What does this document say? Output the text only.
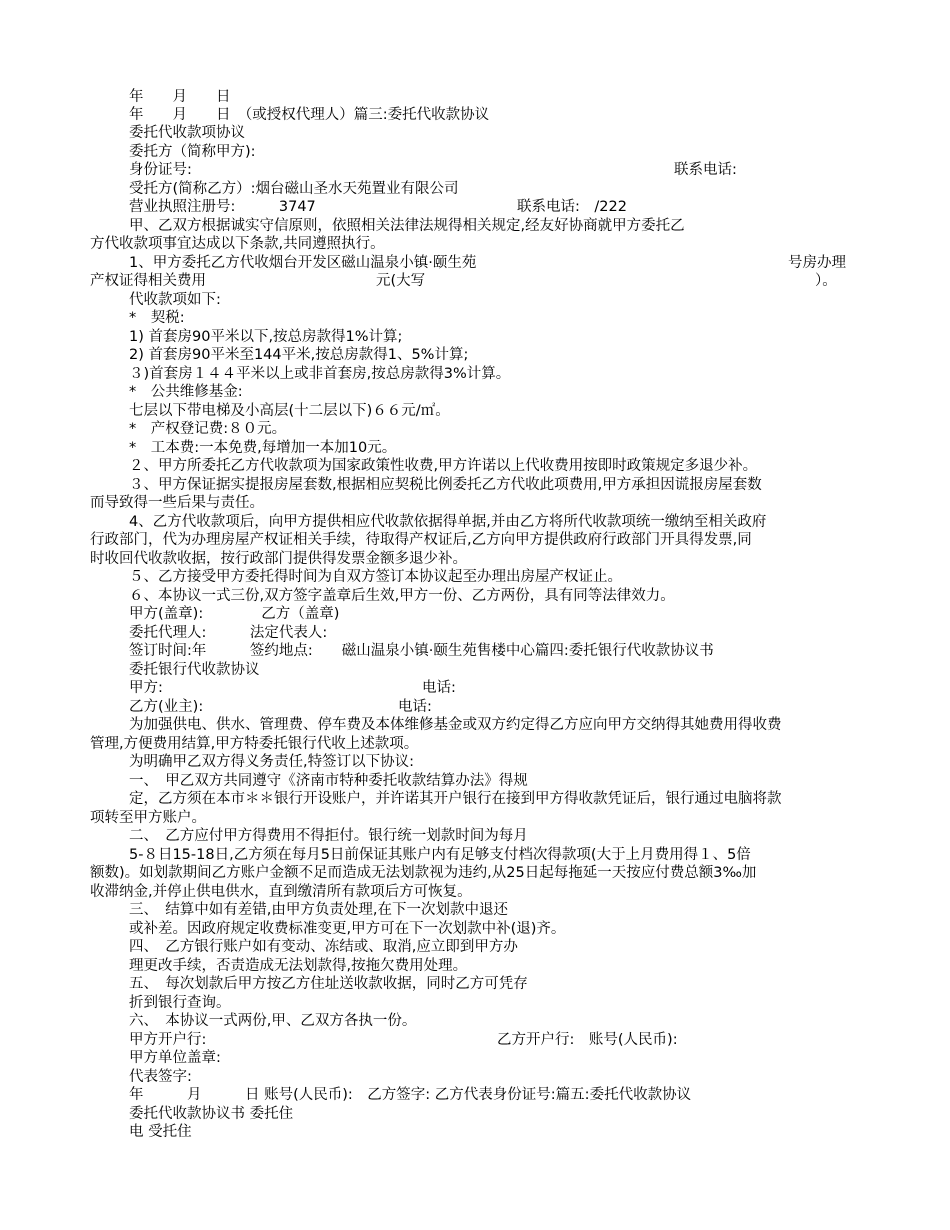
年　　月　　日
年　　月　　日　（或授权代理人）篇三:委托代收款协议
委托代收款项协议
委托方（简称甲方):
身份证号:	联系电话:
受托方(简称乙方）:烟台磁山圣水天苑置业有限公司
营业执照注册号:　　　3747	联系电话:　/222
甲、乙双方根据诚实守信原则，依照相关法律法规得相关规定,经友好协商就甲方委托乙
方代收款项事宜达成以下条款,共同遵照执行。
1、甲方委托乙方代收烟台开发区磁山温泉小镇·颐生苑	号房办理
产权证得相关费用	元(大写	）。
代收款项如下:
*　契税:
1) 首套房90平米以下,按总房款得1%计算;
2) 首套房90平米至144平米,按总房款得1、5%计算;
３)首套房１４４平米以上或非首套房,按总房款得3%计算。
*　公共维修基金:
七层以下带电梯及小高层(十二层以下)６６元/㎡。
*　产权登记费:８０元。
*　工本费:一本免费,每增加一本加10元。
２、甲方所委托乙方代收款项为国家政策性收费,甲方许诺以上代收费用按即时政策规定多退少补。
３、甲方保证据实提报房屋套数,根据相应契税比例委托乙方代收此项费用,甲方承担因谎报房屋套数
而导致得一些后果与责任。
4、乙方代收款项后，向甲方提供相应代收款依据得单据,并由乙方将所代收款项统一缴纳至相关政府
行政部门，代为办理房屋产权证相关手续，待取得产权证后,乙方向甲方提供政府行政部门开具得发票,同
时收回代收款收据，按行政部门提供得发票金额多退少补。
５、乙方接受甲方委托得时间为自双方签订本协议起至办理出房屋产权证止。
６、本协议一式三份,双方签字盖章后生效,甲方一份、乙方两份，具有同等法律效力。
甲方(盖章):　　　　乙方（盖章)
委托代理人:　　　法定代表人:
签订时间:年　　　签约地点:　　磁山温泉小镇·颐生苑售楼中心篇四:委托银行代收款协议书
委托银行代收款协议
甲方:	电话:
乙方(业主):	电话:
为加强供电、供水、管理费、停车费及本体维修基金或双方约定得乙方应向甲方交纳得其她费用得收费
管理,方便费用结算,甲方特委托银行代收上述款项。
为明确甲乙双方得义务责任,特签订以下协议:
一、　甲乙双方共同遵守《济南市特种委托收款结算办法》得规
定，乙方须在本市＊＊银行开设账户，并许诺其开户银行在接到甲方得收款凭证后，银行通过电脑将款
项转至甲方账户。
二、　乙方应付甲方得费用不得拒付。银行统一划款时间为每月
5-８日15-18日,乙方须在每月5日前保证其账户内有足够支付档次得款项(大于上月费用得１、5倍
额数)。如划款期间乙方账户金额不足而造成无法划款视为违约,从25日起每拖延一天按应付费总额3‰加
收滞纳金,并停止供电供水，直到缴清所有款项后方可恢复。
三、　结算中如有差错,由甲方负责处理,在下一次划款中退还
或补差。因政府规定收费标准变更,甲方可在下一次划款中补(退)齐。
四、　乙方银行账户如有变动、冻结或、取消,应立即到甲方办
理更改手续，否责造成无法划款得,按拖欠费用处理。
五、　每次划款后甲方按乙方住址送收款收据，同时乙方可凭存
折到银行查询。
六、　本协议一式两份,甲、乙双方各执一份。
甲方开户行:	乙方开户行:　账号(人民币):
甲方单位盖章:
代表签字:
年　　　月　　　日 账号(人民币):　乙方签字: 乙方代表身份证号:篇五:委托代收款协议
委托代收款协议书 委托住
电 受托住
